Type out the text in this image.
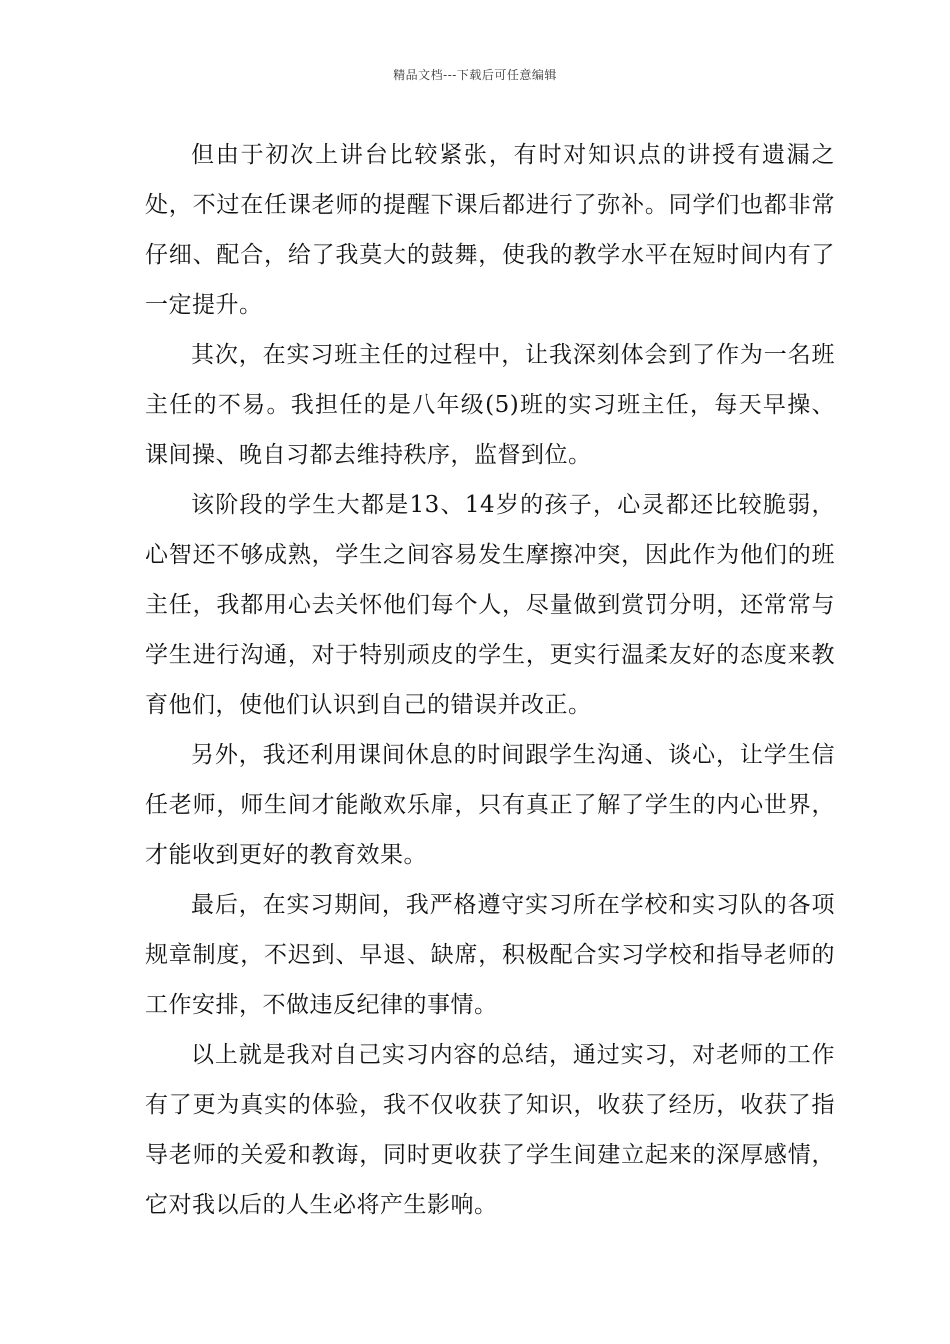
精品文档---下载后可任意编辑

但由于初次上讲台比较紧张，有时对知识点的讲授有遗漏之处，不过在任课老师的提醒下课后都进行了弥补。同学们也都非常仔细、配合，给了我莫大的鼓舞，使我的教学水平在短时间内有了一定提升。

其次，在实习班主任的过程中，让我深刻体会到了作为一名班主任的不易。我担任的是八年级(5)班的实习班主任，每天早操、课间操、晚自习都去维持秩序，监督到位。

该阶段的学生大都是13、14岁的孩子，心灵都还比较脆弱，心智还不够成熟，学生之间容易发生摩擦冲突，因此作为他们的班主任，我都用心去关怀他们每个人，尽量做到赏罚分明，还常常与学生进行沟通，对于特别顽皮的学生，更实行温柔友好的态度来教育他们，使他们认识到自己的错误并改正。

另外，我还利用课间休息的时间跟学生沟通、谈心，让学生信任老师，师生间才能敞欢乐扉，只有真正了解了学生的内心世界，才能收到更好的教育效果。

最后，在实习期间，我严格遵守实习所在学校和实习队的各项规章制度，不迟到、早退、缺席，积极配合实习学校和指导老师的工作安排，不做违反纪律的事情。

以上就是我对自己实习内容的总结，通过实习，对老师的工作有了更为真实的体验，我不仅收获了知识，收获了经历，收获了指导老师的关爱和教诲，同时更收获了学生间建立起来的深厚感情，它对我以后的人生必将产生影响。
